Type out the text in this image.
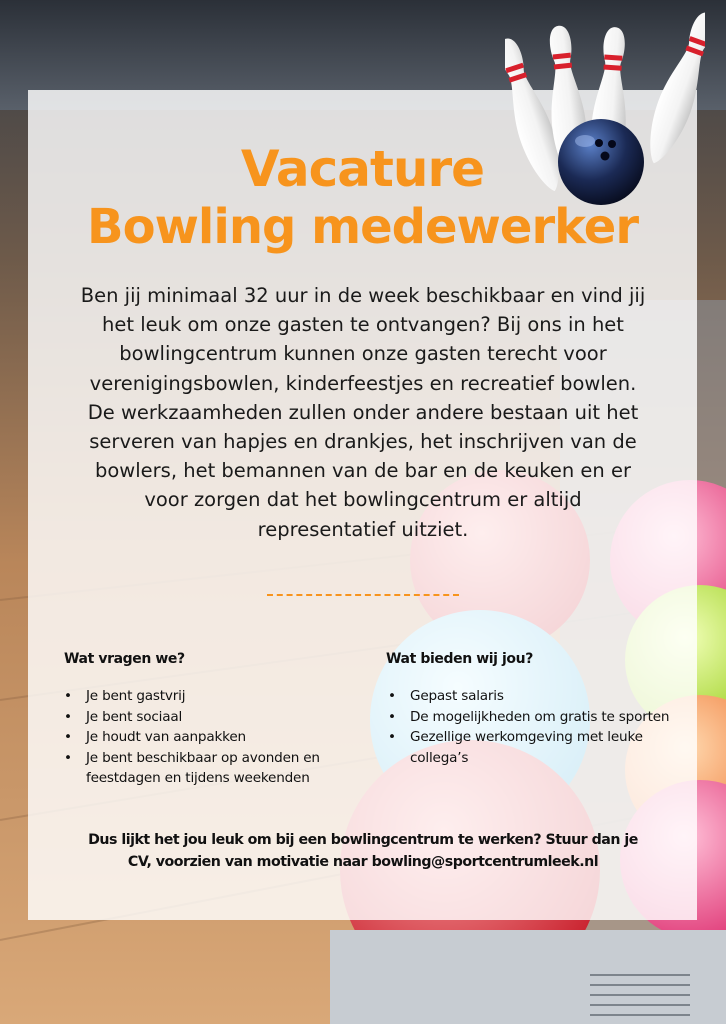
Vacature
Bowling medewerker

Ben jij minimaal 32 uur in de week beschikbaar en vind jij het leuk om onze gasten te ontvangen? Bij ons in het bowlingcentrum kunnen onze gasten terecht voor verenigingsbowlen, kinderfeestjes en recreatief bowlen. De werkzaamheden zullen onder andere bestaan uit het serveren van hapjes en drankjes, het inschrijven van de bowlers, het bemannen van de bar en de keuken en er voor zorgen dat het bowlingcentrum er altijd representatief uitziet.

Wat vragen we?
• Je bent gastvrij
• Je bent sociaal
• Je houdt van aanpakken
• Je bent beschikbaar op avonden en feestdagen en tijdens weekenden
Wat bieden wij jou?
• Gepast salaris
• De mogelijkheden om gratis te sporten
• Gezellige werkomgeving met leuke collega’s

Dus lijkt het jou leuk om bij een bowlingcentrum te werken? Stuur dan je CV, voorzien van motivatie naar bowling@sportcentrumleek.nl
